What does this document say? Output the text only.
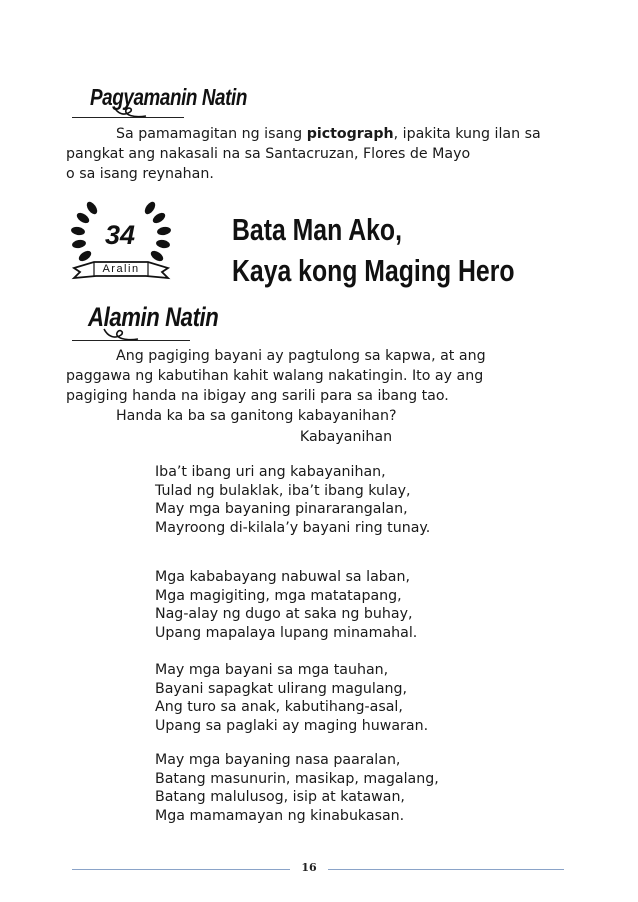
Pagyamanin Natin

Sa pamamagitan ng isang pictograph, ipakita kung ilan sa

pangkat ang nakasali na sa Santacruzan, Flores de Mayo

o sa isang reynahan.

34
Aralin
Bata Man Ako,
Kaya kong Maging Hero
Alamin Natin

Ang pagiging bayani ay pagtulong sa kapwa, at ang

paggawa ng kabutihan kahit walang nakatingin. Ito ay ang

pagiging handa na ibigay ang sarili para sa ibang tao.

Handa ka ba sa ganitong kabayanihan?

Kabayanihan

Iba’t ibang uri ang kabayanihan,

Tulad ng bulaklak, iba’t ibang kulay,

May mga bayaning pinararangalan,

Mayroong di-kilala’y bayani ring tunay.

Mga kababayang nabuwal sa laban,

Mga magigiting, mga matatapang,

Nag-alay ng dugo at saka ng buhay,

Upang mapalaya lupang minamahal.

May mga bayani sa mga tauhan,

Bayani sapagkat ulirang magulang,

Ang turo sa anak, kabutihang-asal,

Upang sa paglaki ay maging huwaran.

May mga bayaning nasa paaralan,

Batang masunurin, masikap, magalang,

Batang malulusog, isip at katawan,

Mga mamamayan ng kinabukasan.

16
